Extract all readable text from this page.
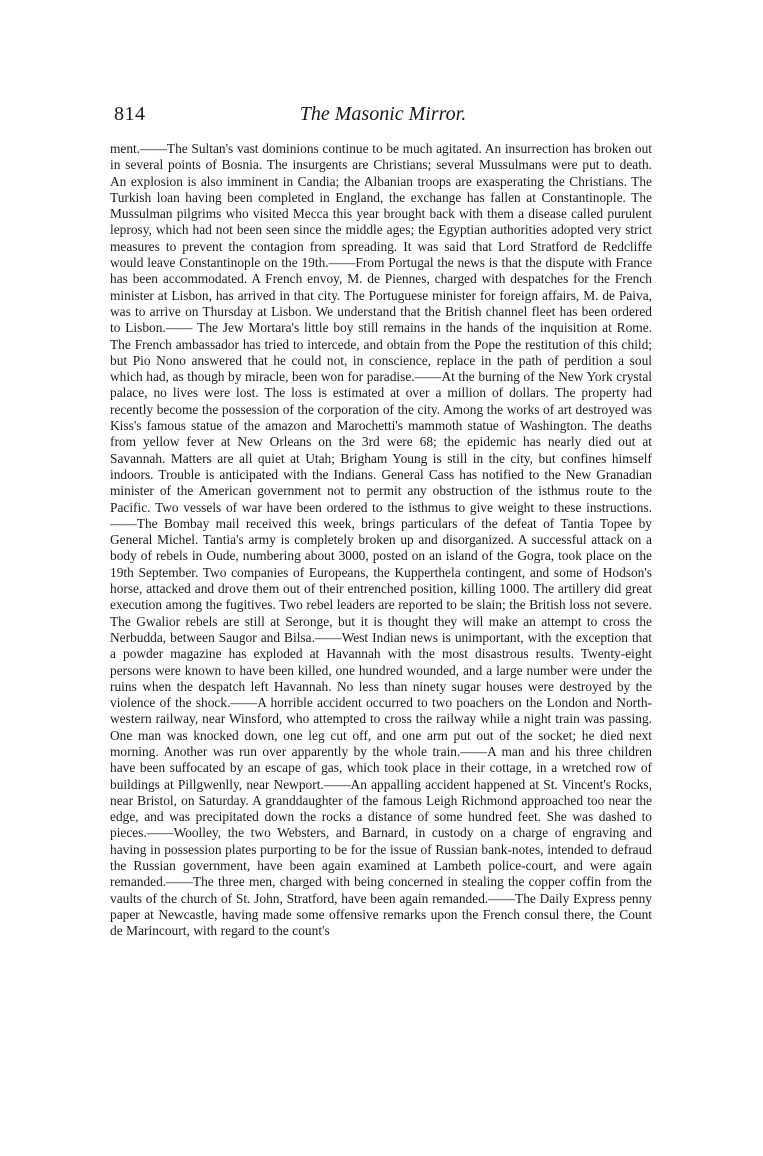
814	The Masonic Mirror.

ment.——The Sultan's vast dominions continue to be much agitated. An insurrection has broken out in several points of Bosnia. The insurgents are Christians; several Mussulmans were put to death. An explosion is also imminent in Candia; the Albanian troops are exasperating the Christians. The Turkish loan having been completed in England, the exchange has fallen at Constantinople. The Mussulman pilgrims who visited Mecca this year brought back with them a disease called purulent leprosy, which had not been seen since the middle ages; the Egyptian authorities adopted very strict measures to prevent the contagion from spreading. It was said that Lord Stratford de Redcliffe would leave Constantinople on the 19th.——From Portugal the news is that the dispute with France has been accommodated. A French envoy, M. de Piennes, charged with despatches for the French minister at Lisbon, has arrived in that city. The Portuguese minister for foreign affairs, M. de Paiva, was to arrive on Thursday at Lisbon. We understand that the British channel fleet has been ordered to Lisbon.—— The Jew Mortara's little boy still remains in the hands of the inquisition at Rome. The French ambassador has tried to intercede, and obtain from the Pope the restitution of this child; but Pio Nono answered that he could not, in conscience, replace in the path of perdition a soul which had, as though by miracle, been won for paradise.——At the burning of the New York crystal palace, no lives were lost. The loss is estimated at over a million of dollars. The property had recently become the possession of the corporation of the city. Among the works of art destroyed was Kiss's famous statue of the amazon and Marochetti's mammoth statue of Washington. The deaths from yellow fever at New Orleans on the 3rd were 68; the epidemic has nearly died out at Savannah. Matters are all quiet at Utah; Brigham Young is still in the city, but confines himself indoors. Trouble is anticipated with the Indians. General Cass has notified to the New Granadian minister of the American government not to permit any obstruction of the isthmus route to the Pacific. Two vessels of war have been ordered to the isthmus to give weight to these instructions.——The Bombay mail received this week, brings particulars of the defeat of Tantia Topee by General Michel. Tantia's army is completely broken up and disorganized. A successful attack on a body of rebels in Oude, numbering about 3000, posted on an island of the Gogra, took place on the 19th September. Two companies of Europeans, the Kupperthela contingent, and some of Hodson's horse, attacked and drove them out of their entrenched position, killing 1000. The artillery did great execution among the fugitives. Two rebel leaders are reported to be slain; the British loss not severe. The Gwalior rebels are still at Seronge, but it is thought they will make an attempt to cross the Nerbudda, between Saugor and Bilsa.——West Indian news is unimportant, with the exception that a powder magazine has exploded at Havannah with the most disastrous results. Twenty-eight persons were known to have been killed, one hundred wounded, and a large number were under the ruins when the despatch left Havannah. No less than ninety sugar houses were destroyed by the violence of the shock.——A horrible accident occurred to two poachers on the London and North-western railway, near Winsford, who attempted to cross the railway while a night train was passing. One man was knocked down, one leg cut off, and one arm put out of the socket; he died next morning. Another was run over apparently by the whole train.——A man and his three children have been suffocated by an escape of gas, which took place in their cottage, in a wretched row of buildings at Pillgwenlly, near Newport.——An appalling accident happened at St. Vincent's Rocks, near Bristol, on Saturday. A granddaughter of the famous Leigh Richmond approached too near the edge, and was precipitated down the rocks a distance of some hundred feet. She was dashed to pieces.——Woolley, the two Websters, and Barnard, in custody on a charge of engraving and having in possession plates purporting to be for the issue of Russian bank-notes, intended to defraud the Russian government, have been again examined at Lambeth police-court, and were again remanded.——The three men, charged with being concerned in stealing the copper coffin from the vaults of the church of St. John, Stratford, have been again remanded.——The Daily Express penny paper at Newcastle, having made some offensive remarks upon the French consul there, the Count de Marincourt, with regard to the count's
